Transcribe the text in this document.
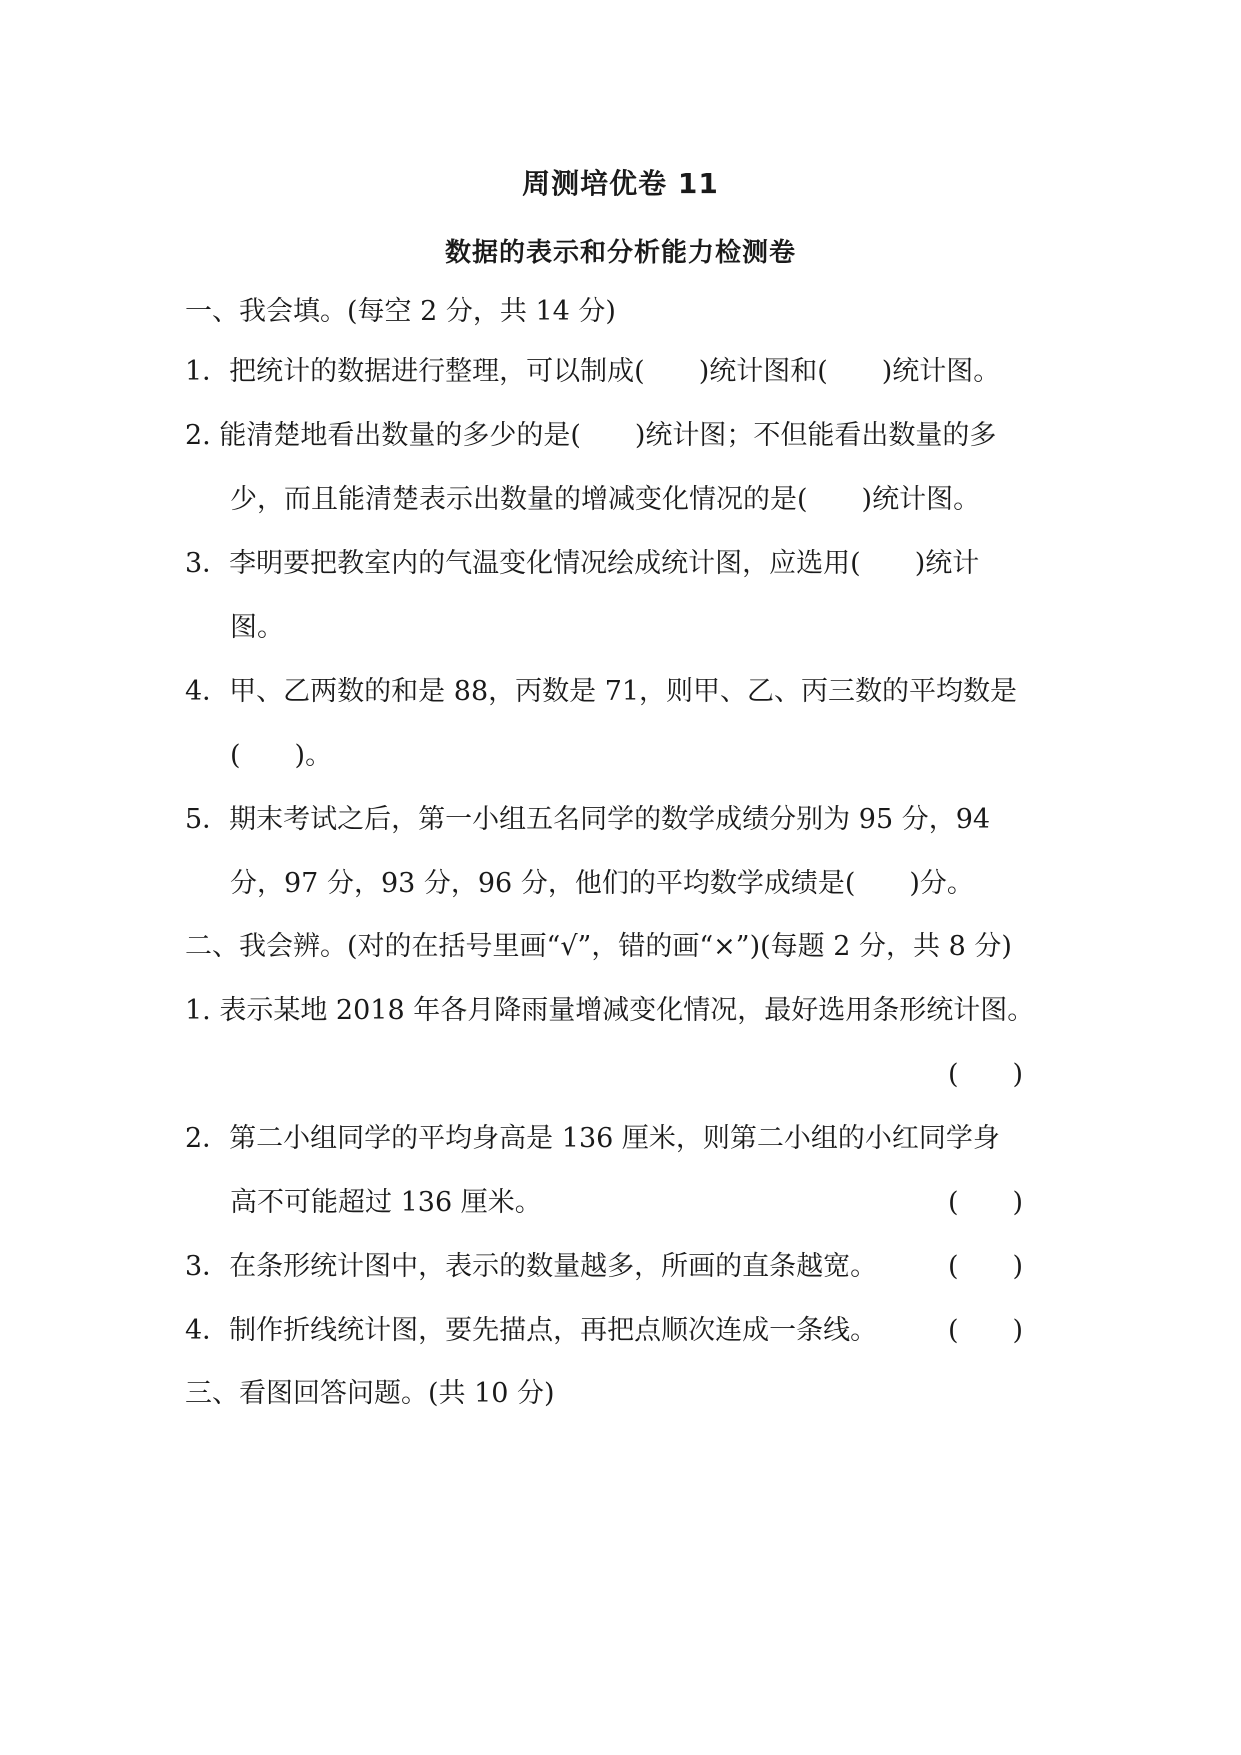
周测培优卷 11
数据的表示和分析能力检测卷
一、我会填。(每空 2 分，共 14 分)
1．把统计的数据进行整理，可以制成(　　)统计图和(　　)统计图。
2. 能清楚地看出数量的多少的是(　　)统计图；不但能看出数量的多
少，而且能清楚表示出数量的增减变化情况的是(　　)统计图。
3．李明要把教室内的气温变化情况绘成统计图，应选用(　　)统计
图。
4．甲、乙两数的和是 88，丙数是 71，则甲、乙、丙三数的平均数是
(　　)。
5．期末考试之后，第一小组五名同学的数学成绩分别为 95 分，94
分，97 分，93 分，96 分，他们的平均数学成绩是(　　)分。
二、我会辨。(对的在括号里画“√”，错的画“×”)(每题 2 分，共 8 分)
1. 表示某地 2018 年各月降雨量增减变化情况，最好选用条形统计图。
(　　)
2．第二小组同学的平均身高是 136 厘米，则第二小组的小红同学身
高不可能超过 136 厘米。	(　　)
3．在条形统计图中，表示的数量越多，所画的直条越宽。	(　　)
4．制作折线统计图，要先描点，再把点顺次连成一条线。	(　　)
三、看图回答问题。(共 10 分)
